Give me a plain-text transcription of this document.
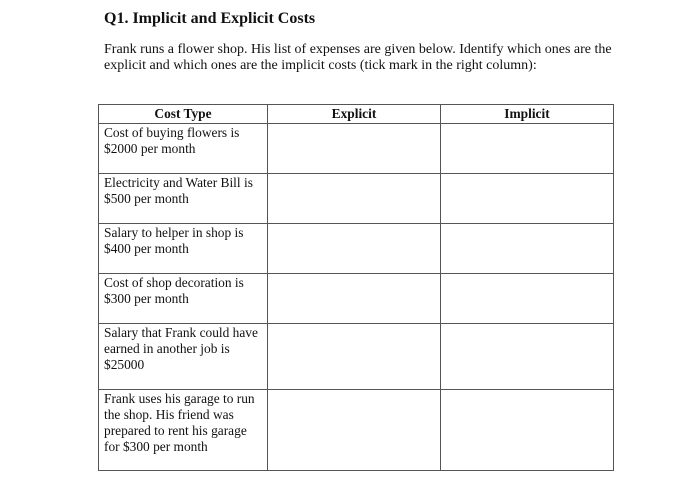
Q1. Implicit and Explicit Costs

Frank runs a flower shop. His list of expenses are given below. Identify which ones are the explicit and which ones are the implicit costs (tick mark in the right column):

Cost Type	Explicit	Implicit
Cost of buying flowers is $2000 per month		
Electricity and Water Bill is $500 per month		
Salary to helper in shop is $400 per month		
Cost of shop decoration is $300 per month		
Salary that Frank could have earned in another job is $25000		
Frank uses his garage to run the shop. His friend was prepared to rent his garage for $300 per month		
